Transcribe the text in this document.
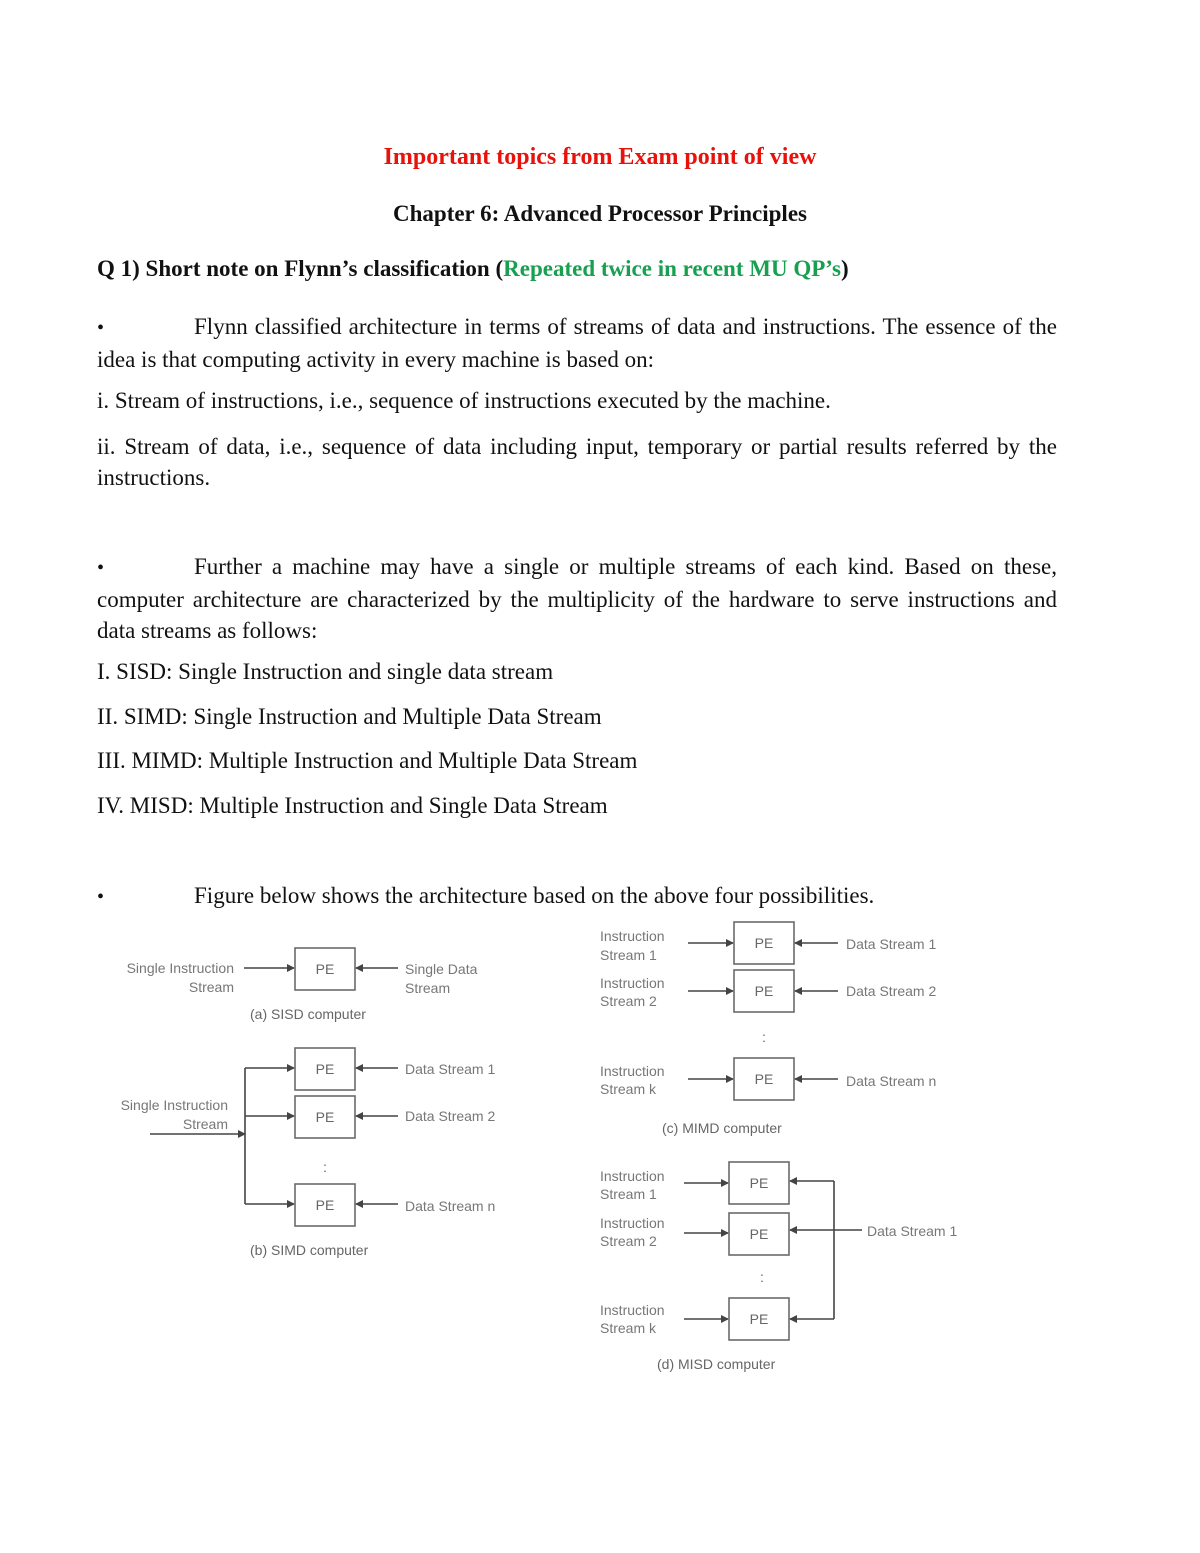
Important topics from Exam point of view
Chapter 6: Advanced Processor Principles
Q 1) Short note on Flynn’s classification (Repeated twice in recent MU QP’s)
•	Flynn classified architecture in terms of streams of data and instructions. The essence of the idea is that computing activity in every machine is based on:
i. Stream of instructions, i.e., sequence of instructions executed by the machine.
ii. Stream of data, i.e., sequence of data including input, temporary or partial results referred by the instructions.
•	Further a machine may have a single or multiple streams of each kind. Based on these, computer architecture are characterized by the multiplicity of the hardware to serve instructions and data streams as follows:
I. SISD: Single Instruction and single data stream
II. SIMD: Single Instruction and Multiple Data Stream
III. MIMD: Multiple Instruction and Multiple Data Stream
IV. MISD: Multiple Instruction and Single Data Stream
•	Figure below shows the architecture based on the above four possibilities.
Single Instruction
Stream
PE	Single Data
Stream
(a) SISD computer
Single Instruction
Stream
PE
PE
:
PE
Data Stream 1
Data Stream 2
Data Stream n
(b) SIMD computer
Instruction
Stream 1
Instruction
Stream 2
Instruction
Stream k
PE
PE
:
PE
Data Stream 1
Data Stream 2
Data Stream n
(c) MIMD computer
Instruction
Stream 1
Instruction
Stream 2
Instruction
Stream k
PE
PE
:
PE
Data Stream 1
(d) MISD computer
